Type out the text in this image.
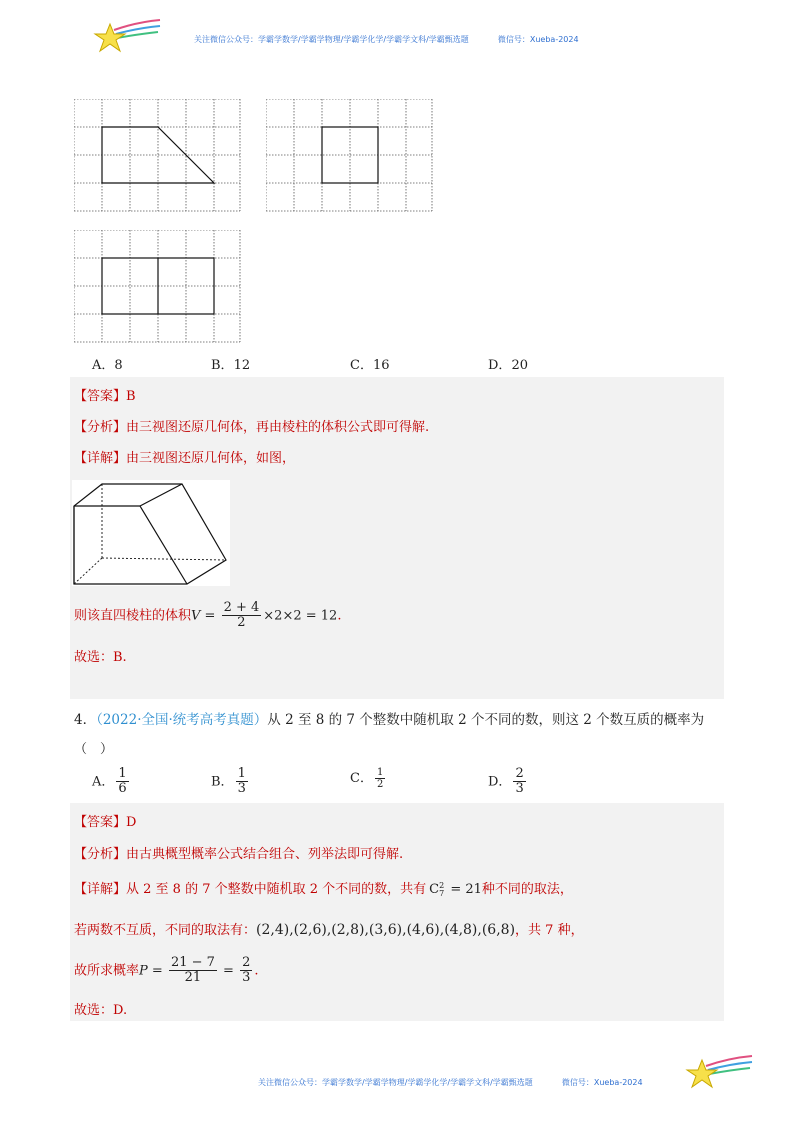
关注微信公众号：学霸学数学/学霸学物理/学霸学化学/学霸学文科/学霸甄选题	微信号：Xueba-2024
A．8	B．12	C．16	D．20
【答案】B
【分析】由三视图还原几何体，再由棱柱的体积公式即可得解.
【详解】由三视图还原几何体，如图，
则该直四棱柱的体积$V = \frac{2 + 4}{2} \times 2\times 2 = 12$.
故选：B.
4．（2022·全国·统考高考真题）从 2 至 8 的 7 个整数中随机取 2 个不同的数，则这 2 个数互质的概率为
（　）
A． $\frac{1}{6}$	B． $\frac{1}{3}$	C． $\frac{1}{2}$	D． $\frac{2}{3}$
【答案】D
【分析】由古典概型概率公式结合组合、列举法即可得解.
【详解】从 2 至 8 的 7 个整数中随机取 2 个不同的数，共有 C 2
7 = 21种不同的取法，
若两数不互质，不同的取法有：(2,4),(2,6),(2,8),(3,6),(4,6),(4,8),(6,8)，共 7 种，
故所求概率$P = \frac{21 - 7}{21} = \frac{2}{3}$ .
故选：D.
关注微信公众号：学霸学数学/学霸学物理/学霸学化学/学霸学文科/学霸甄选题	微信号：Xueba-2024
